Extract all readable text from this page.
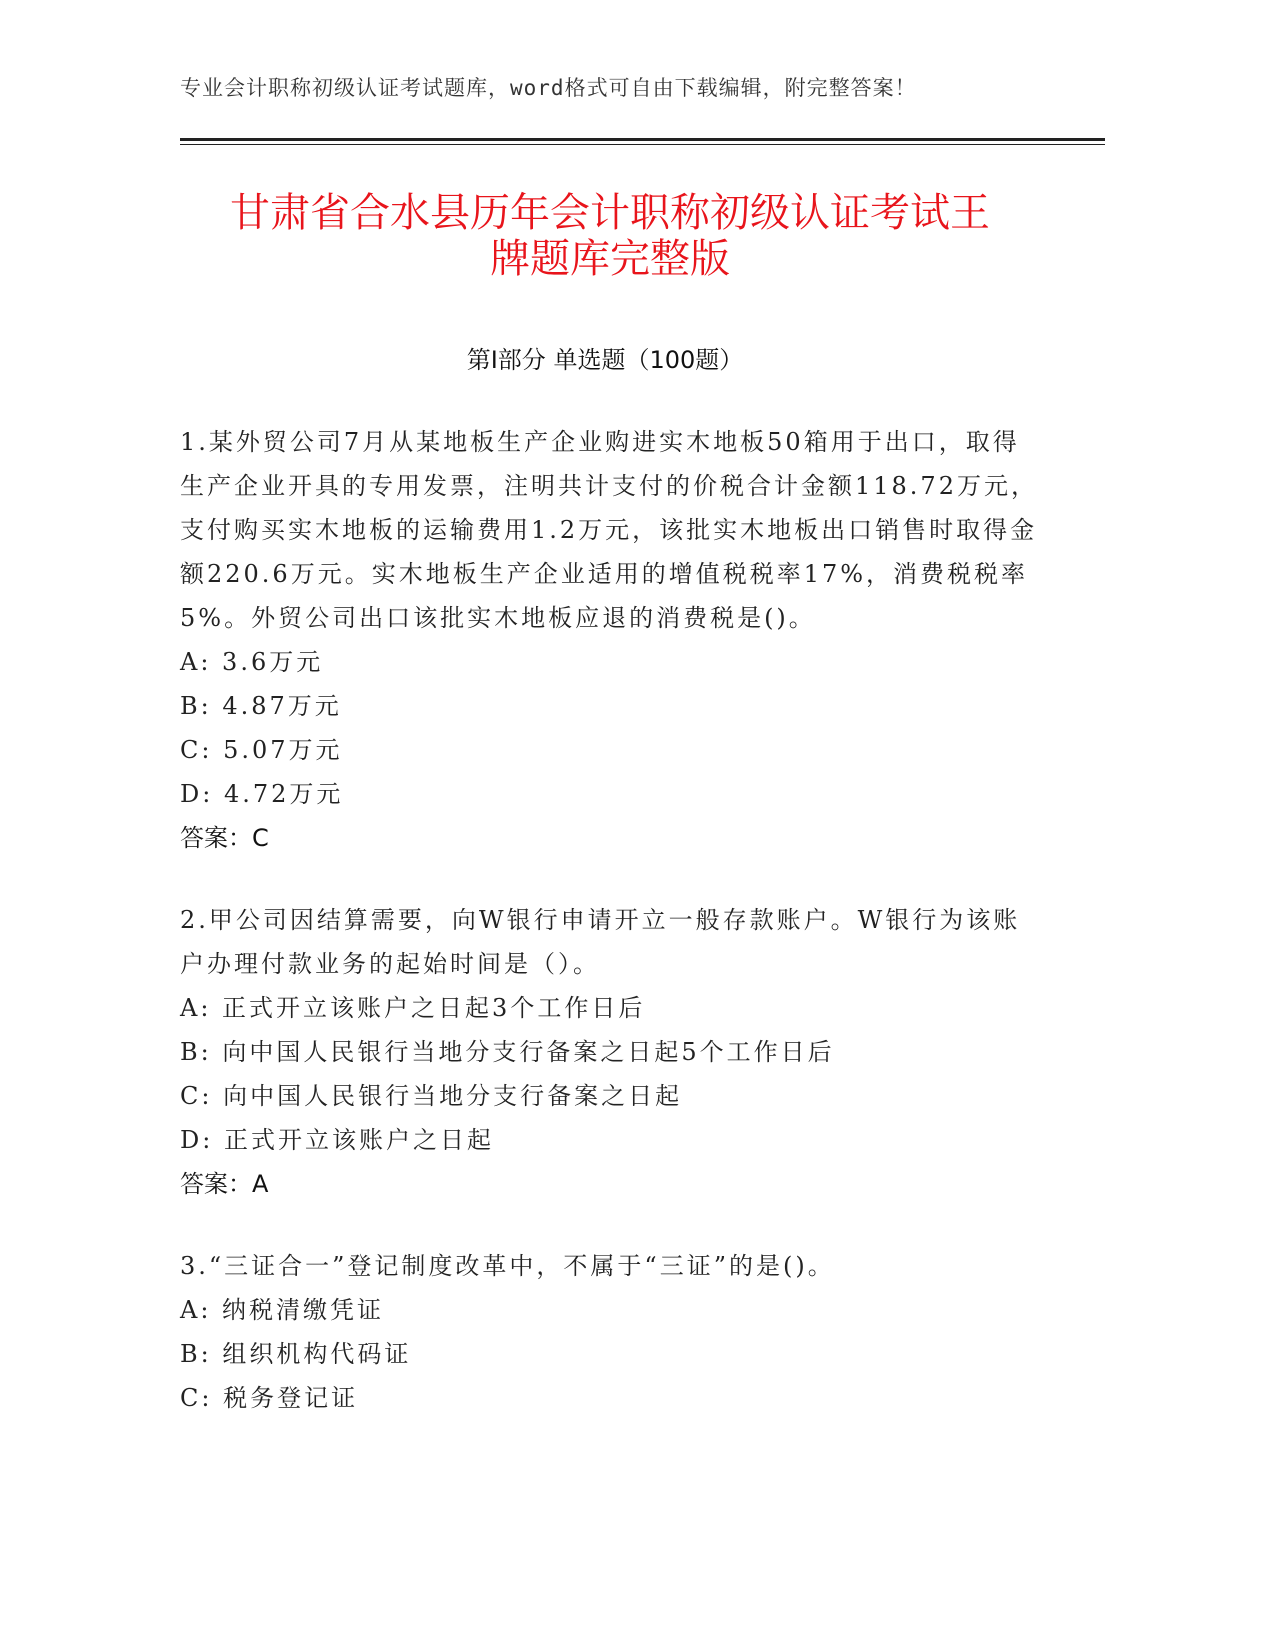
专业会计职称初级认证考试题库，word格式可自由下载编辑，附完整答案！
甘肃省合水县历年会计职称初级认证考试王
牌题库完整版
第Ⅰ部分 单选题（100题）

1.某外贸公司7月从某地板生产企业购进实木地板50箱用于出口，取得生产企业开具的专用发票，注明共计支付的价税合计金额118.72万元，支付购买实木地板的运输费用1.2万元，该批实木地板出口销售时取得金额220.6万元。实木地板生产企业适用的增值税税率17%，消费税税率5%。外贸公司出口该批实木地板应退的消费税是()。

A: 3.6万元

B: 4.87万元

C: 5.07万元

D: 4.72万元

答案：C

2.甲公司因结算需要，向W银行申请开立一般存款账户。W银行为该账户办理付款业务的起始时间是（）。

A: 正式开立该账户之日起3个工作日后

B: 向中国人民银行当地分支行备案之日起5个工作日后

C: 向中国人民银行当地分支行备案之日起

D: 正式开立该账户之日起

答案：A

3.“三证合一”登记制度改革中，不属于“三证”的是()。

A: 纳税清缴凭证

B: 组织机构代码证

C: 税务登记证
